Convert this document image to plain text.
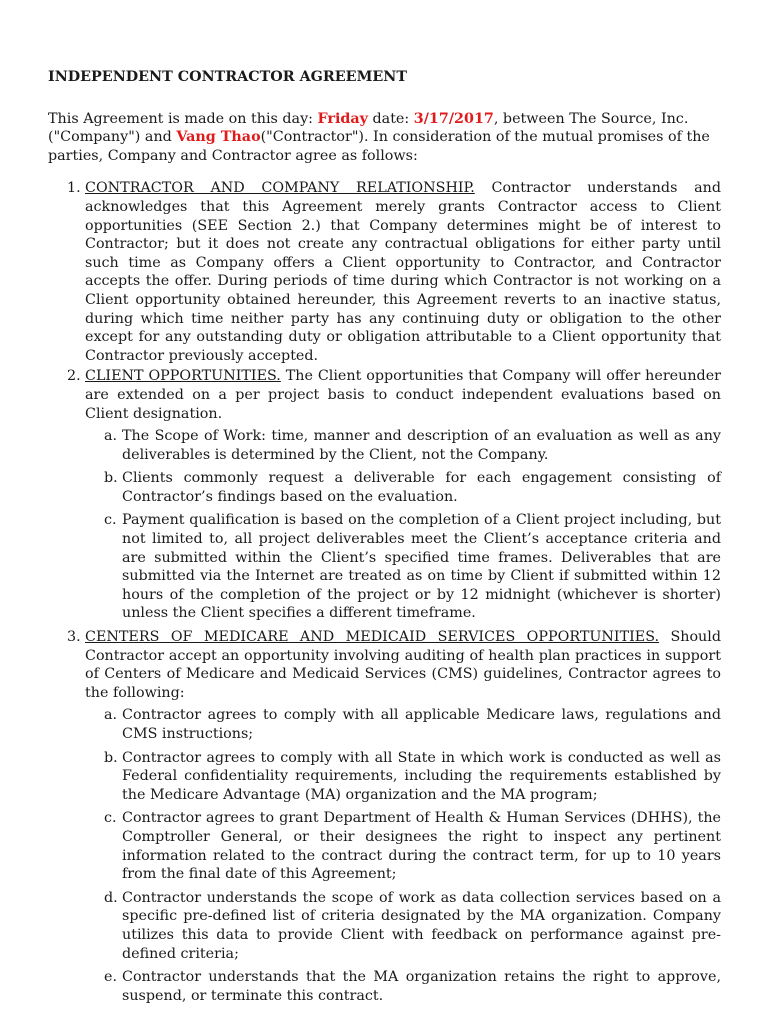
INDEPENDENT CONTRACTOR AGREEMENT
This Agreement is made on this day: Friday date: 3/17/2017, between The Source, Inc. ("Company") and Vang Thao("Contractor"). In consideration of the mutual promises of the parties, Company and Contractor agree as follows:
1. CONTRACTOR AND COMPANY RELATIONSHIP. Contractor understands and acknowledges that this Agreement merely grants Contractor access to Client opportunities (SEE Section 2.) that Company determines might be of interest to Contractor; but it does not create any contractual obligations for either party until such time as Company offers a Client opportunity to Contractor, and Contractor accepts the offer. During periods of time during which Contractor is not working on a Client opportunity obtained hereunder, this Agreement reverts to an inactive status, during which time neither party has any continuing duty or obligation to the other except for any outstanding duty or obligation attributable to a Client opportunity that Contractor previously accepted.
2. CLIENT OPPORTUNITIES. The Client opportunities that Company will offer hereunder are extended on a per project basis to conduct independent evaluations based on Client designation.
a. The Scope of Work: time, manner and description of an evaluation as well as any deliverables is determined by the Client, not the Company.
b. Clients commonly request a deliverable for each engagement consisting of Contractor’s findings based on the evaluation.
c. Payment qualification is based on the completion of a Client project including, but not limited to, all project deliverables meet the Client’s acceptance criteria and are submitted within the Client’s specified time frames. Deliverables that are submitted via the Internet are treated as on time by Client if submitted within 12 hours of the completion of the project or by 12 midnight (whichever is shorter) unless the Client specifies a different timeframe.
3. CENTERS OF MEDICARE AND MEDICAID SERVICES OPPORTUNITIES. Should Contractor accept an opportunity involving auditing of health plan practices in support of Centers of Medicare and Medicaid Services (CMS) guidelines, Contractor agrees to the following:
a. Contractor agrees to comply with all applicable Medicare laws, regulations and CMS instructions;
b. Contractor agrees to comply with all State in which work is conducted as well as Federal confidentiality requirements, including the requirements established by the Medicare Advantage (MA) organization and the MA program;
c. Contractor agrees to grant Department of Health & Human Services (DHHS), the Comptroller General, or their designees the right to inspect any pertinent information related to the contract during the contract term, for up to 10 years from the final date of this Agreement;
d. Contractor understands the scope of work as data collection services based on a specific pre-defined list of criteria designated by the MA organization. Company utilizes this data to provide Client with feedback on performance against pre-defined criteria;
e. Contractor understands that the MA organization retains the right to approve, suspend, or terminate this contract.
